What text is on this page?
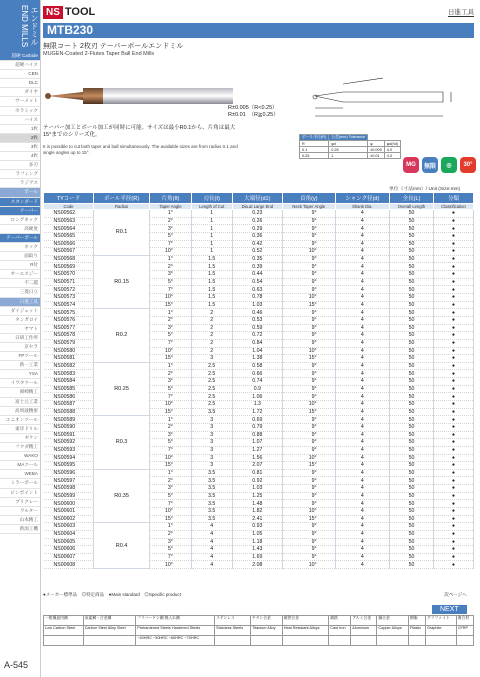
エンドミル END MILLS
超硬 Carbide
超硬ハイス
CBN
DLC
ダイヤ
サーメット
セラミック
ハイス
1枚
2枚
3枚
4枚
多刃
ラフィング
ラジアス
ボール
スタンダード
テーパー
ロングネック
高硬度
テーパーボール
ネック
面取り
R付
オーエスジー
不二越
三菱日立
日進工具
ダイジェット
タンガロイ
ヤマト
日研工作所
京セラ
FPツール
新一工業
YSA
イワタツール
岡崎精工
富士元工業
高周波精密
ユニオンツール
東洋ドリル
ギケン
フクダ精工
WAKO
MAツール
WEBA
ミラーボール
ピンポイント
プリクレー
ワルター
山本精工
新潟工機
A-545
NS TOOL	日進工具
MTB230
無限コート 2枚刃 テーパーボールエンドミル
MUGEN-Coated 2-Flutes Taper Ball End Mills
R±0.005（R<0.25）
R±0.01　（R≧0.25）
テーパー加工とボール加工が同時に可能。サイズは最小R0.1から、片角は最大15°までのシリーズ化。
It is possible to cut both taper and ball simultaneously. The available sizes are from radius 0.1 and single angles up to 15°.
ボール半径(R)	公差(mm) Tolerance		
R	φd	φ	φd(h4)
0.1	0.25	±0.005	4.0
0.25	1	±0.01	4.0
MG	無限	◎	30°
単位（寸法mm）/ Unit (Size:mm)
TYコード	ボール半径(R)	片角(θ)	刃長(ℓ)	大端径(d1)	首角(γ)	シャンク径(d)	全長(L)	分類
Code	Radius	Taper Angle	Length of Cut	Dia.at Large End	Neck Taper Angle	Shank Dia.	Overall Length	Classification
NS00562	R0.1	1°	1	0.23	9°	4	50	●
NS00563		2°	1	0.26	9°	4	50	●
NS00564		3°	1	0.29	9°	4	50	●
NS00565		5°	1	0.36	9°	4	50	●
NS00566		7°	1	0.42	9°	4	50	●
NS00567		10°	1	0.52	10°	4	50	●
NS00568	R0.15	1°	1.5	0.35	9°	4	50	●
NS00569		2°	1.5	0.39	9°	4	50	●
NS00570		3°	1.5	0.44	9°	4	50	●
NS00571		5°	1.5	0.54	9°	4	50	●
NS00572		7°	1.5	0.63	9°	4	50	●
NS00573		10°	1.5	0.78	10°	4	50	●
NS00574		15°	1.5	1.03	15°	4	50	●
NS00575	R0.2	1°	2	0.46	9°	4	50	●
NS00576		2°	2	0.53	9°	4	50	●
NS00577		3°	2	0.59	9°	4	50	●
NS00578		5°	2	0.72	9°	4	50	●
NS00579		7°	2	0.84	9°	4	50	●
NS00580		10°	2	1.04	10°	4	50	●
NS00581		15°	3	1.38	15°	4	50	●
NS00582	R0.25	1°	2.5	0.58	9°	4	50	●
NS00583		2°	2.5	0.66	9°	4	50	●
NS00584		3°	2.5	0.74	9°	4	50	●
NS00585		5°	2.5	0.9	9°	4	50	●
NS00586		7°	2.5	1.06	9°	4	50	●
NS00587		10°	2.5	1.3	10°	4	50	●
NS00588		15°	3.5	1.72	15°	4	50	●
NS00589	R0.3	1°	3	0.69	9°	4	50	●
NS00590		2°	3	0.79	9°	4	50	●
NS00591		3°	3	0.88	9°	4	50	●
NS00592		5°	3	1.07	9°	4	50	●
NS00593		7°	3	1.27	9°	4	50	●
NS00594		10°	3	1.56	10°	4	50	●
NS00595		15°	3	2.07	15°	4	50	●
NS00596	R0.35	1°	3.5	0.81	9°	4	50	●
NS00597		2°	3.5	0.92	9°	4	50	●
NS00598		3°	3.5	1.03	9°	4	50	●
NS00599		5°	3.5	1.25	9°	4	50	●
NS00600		7°	3.5	1.48	9°	4	50	●
NS00601		10°	3.5	1.82	10°	4	50	●
NS00602		15°	3.5	2.41	15°	4	50	●
NS00603	R0.4	1°	4	0.93	9°	4	50	●
NS00604		2°	4	1.05	9°	4	50	●
NS00605		3°	4	1.18	9°	4	50	●
NS00606		5°	4	1.43	9°	4	50	●
NS00607		7°	4	1.69	9°	4	50	●
NS00608		10°	4	2.08	10°	4	50	●
●メーカー標準品　◎特定商品　●Main standard　◎Specific product	次ページへ
NEXT
一般構造用鋼	炭素鋼・合金鋼	プリハードン鋼 焼入れ鋼	ステンレス	チタン合金	耐熱合金	鋳鉄	アルミ合金	銅合金	樹脂	グラファイト	複合材
Low Carbon Steel	Carbon Steel Alloy Steel	Prehardened Steels Hardened Steels	Stainless Steels	Titanium Alloy	Heat Resistant Alloys	Cast Iron	Aluminum	Copper Alloys	Plastic	Graphite	CFRP
		~40HRC ~50HRC ~60HRC ~70HRC									
